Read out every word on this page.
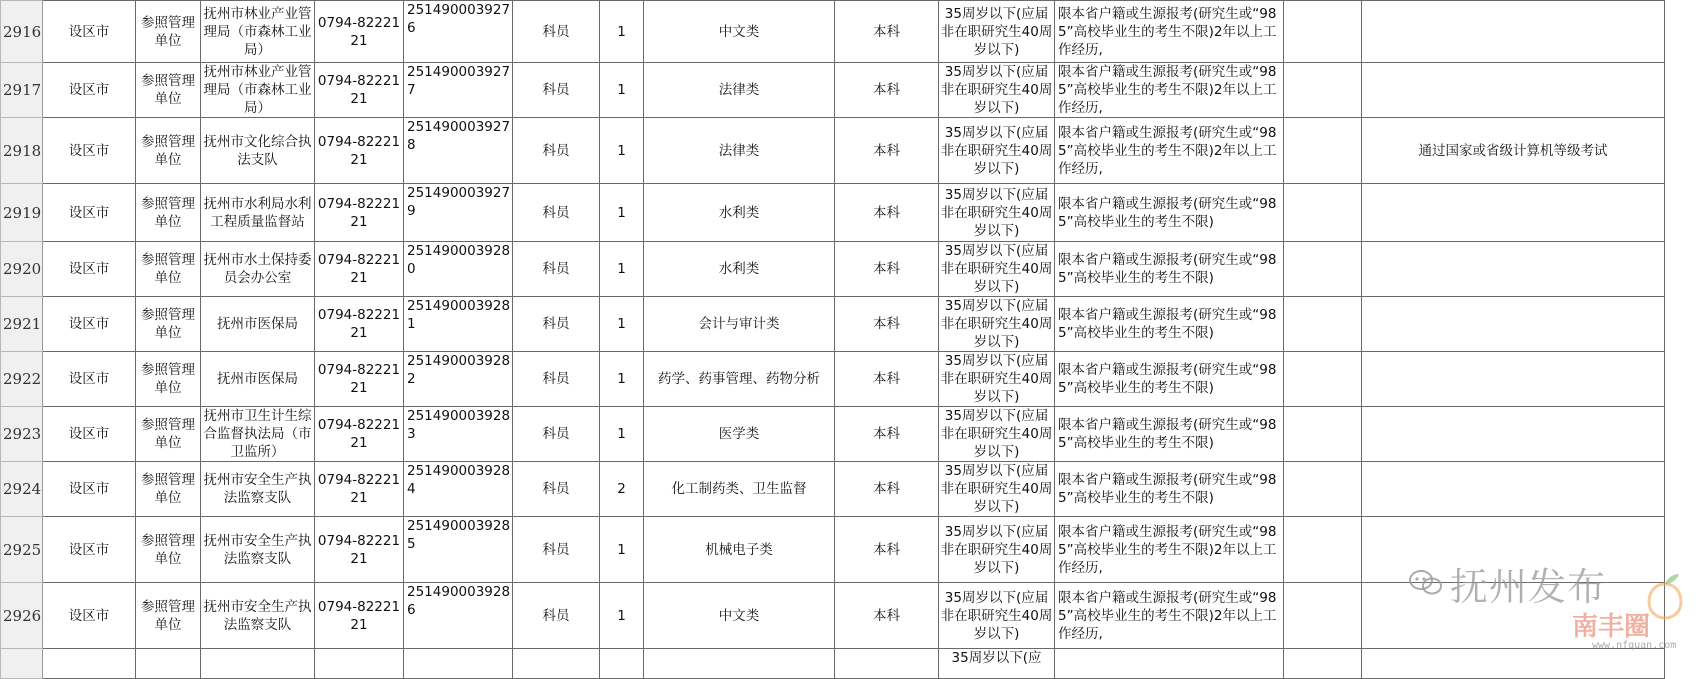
2916	设区市	参照管理单位	抚州市林业产业管理局（市森林工业局）	0794-8222121	2514900039276	科员	1	中文类	本科	35周岁以下(应届非在职研究生40周岁以下)	限本省户籍或生源报考(研究生或“985”高校毕业生的考生不限)2年以上工作经历,		
2917	设区市	参照管理单位	抚州市林业产业管理局（市森林工业局）	0794-8222121	2514900039277	科员	1	法律类	本科	35周岁以下(应届非在职研究生40周岁以下)	限本省户籍或生源报考(研究生或“985”高校毕业生的考生不限)2年以上工作经历,		
2918	设区市	参照管理单位	抚州市文化综合执法支队	0794-8222121	2514900039278	科员	1	法律类	本科	35周岁以下(应届非在职研究生40周岁以下)	限本省户籍或生源报考(研究生或“985”高校毕业生的考生不限)2年以上工作经历,		通过国家或省级计算机等级考试
2919	设区市	参照管理单位	抚州市水利局水利工程质量监督站	0794-8222121	2514900039279	科员	1	水利类	本科	35周岁以下(应届非在职研究生40周岁以下)	限本省户籍或生源报考(研究生或“985”高校毕业生的考生不限)		
2920	设区市	参照管理单位	抚州市水土保持委员会办公室	0794-8222121	2514900039280	科员	1	水利类	本科	35周岁以下(应届非在职研究生40周岁以下)	限本省户籍或生源报考(研究生或“985”高校毕业生的考生不限)		
2921	设区市	参照管理单位	抚州市医保局	0794-8222121	2514900039281	科员	1	会计与审计类	本科	35周岁以下(应届非在职研究生40周岁以下)	限本省户籍或生源报考(研究生或“985”高校毕业生的考生不限)		
2922	设区市	参照管理单位	抚州市医保局	0794-8222121	2514900039282	科员	1	药学、药事管理、药物分析	本科	35周岁以下(应届非在职研究生40周岁以下)	限本省户籍或生源报考(研究生或“985”高校毕业生的考生不限)		
2923	设区市	参照管理单位	抚州市卫生计生综合监督执法局（市卫监所）	0794-8222121	2514900039283	科员	1	医学类	本科	35周岁以下(应届非在职研究生40周岁以下)	限本省户籍或生源报考(研究生或“985”高校毕业生的考生不限)		
2924	设区市	参照管理单位	抚州市安全生产执法监察支队	0794-8222121	2514900039284	科员	2	化工制药类、卫生监督	本科	35周岁以下(应届非在职研究生40周岁以下)	限本省户籍或生源报考(研究生或“985”高校毕业生的考生不限)		
2925	设区市	参照管理单位	抚州市安全生产执法监察支队	0794-8222121	2514900039285	科员	1	机械电子类	本科	35周岁以下(应届非在职研究生40周岁以下)	限本省户籍或生源报考(研究生或“985”高校毕业生的考生不限)2年以上工作经历,		
2926	设区市	参照管理单位	抚州市安全生产执法监察支队	0794-8222121	2514900039286	科员	1	中文类	本科	35周岁以下(应届非在职研究生40周岁以下)	限本省户籍或生源报考(研究生或“985”高校毕业生的考生不限)2年以上工作经历,		
										35周岁以下(应			
抚州发布
南丰圈
www.nfquan.com
